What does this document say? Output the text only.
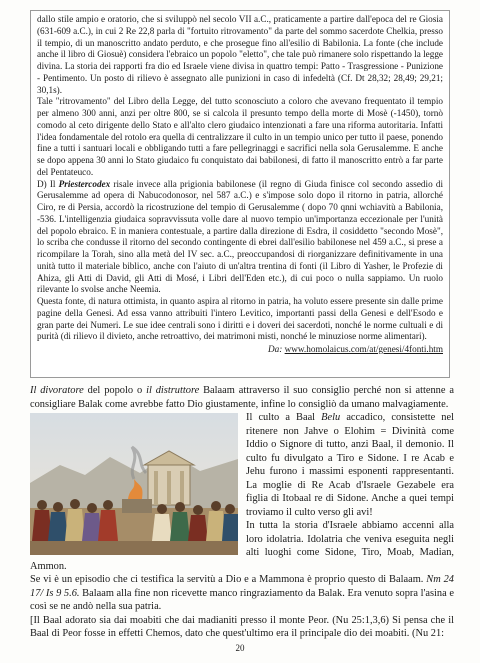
dallo stile ampio e oratorio, che si sviluppò nel secolo VII a.C., praticamente a partire dall'epoca del re Giosia (631-609 a.C.), in cui 2 Re 22,8 parla di "fortuito ritrovamento" da parte del sommo sacerdote Chelkia, presso il tempio, di un manoscritto andato perduto, e che prosegue fino all'esilio di Babilonia. La fonte (che include anche il libro di Giosuè) considera l'ebraico un popolo "eletto", che tale può rimanere solo rispettando la legge divina. La storia dei rapporti fra dio ed Israele viene divisa in quattro tempi: Patto - Trasgressione - Punizione - Pentimento. Un posto di rilievo è assegnato alle punizioni in caso di infedeltà (Cf. Dt 28,32; 28,49; 29,21; 30,1s).

Tale "ritrovamento" del Libro della Legge, del tutto sconosciuto a coloro che avevano frequentato il tempio per almeno 300 anni, anzi per oltre 800, se si calcola il presunto tempo della morte di Mosè (-1450), tornò comodo al ceto dirigente dello Stato e all'alto clero giudaico intenzionati a fare una riforma autoritaria. Infatti l'idea fondamentale del rotolo era quella di centralizzare il culto in un tempio unico per tutto il paese, ponendo fine a tutti i santuari locali e obbligando tutti a fare pellegrinaggi e sacrifici nella sola Gerusalemme. E anche se dopo appena 30 anni lo Stato giudaico fu conquistato dai babilonesi, di fatto il manoscritto entrò a far parte del Pentateuco.

D) Il Priestercodex risale invece alla prigionia babilonese (il regno di Giuda finisce col secondo assedio di Gerusalemme ad opera di Nabucodonosor, nel 587 a.C.) e s'impose solo dopo il ritorno in patria, allorché Ciro, re di Persia, accordò la ricostruzione del tempio di Gerusalemme ( dopo 70 qnni wchiavitù a Babilonia, -536. L'intelligenzia giudaica sopravvissuta volle dare al nuovo tempio un'importanza eccezionale per l'unità del popolo ebraico. E in maniera contestuale, a partire dalla direzione di Esdra, il cosiddetto "secondo Mosè", lo scriba che condusse il ritorno del secondo contingente di ebrei dall'esilio babilonese nel 459 a.C., si prese a ricompilare la Torah, sino alla metà del IV sec. a.C., preoccupandosi di riorganizzare definitivamente in una unità tutto il materiale biblico, anche con l'aiuto di un'altra trentina di fonti (il Libro di Yasher, le Profezie di Ahiza, gli Atti di David, gli Atti di Mosé, i Libri dell'Eden etc.), di cui poco o nulla sappiamo. Un ruolo rilevante lo svolse anche Neemia.

Questa fonte, di natura ottimista, in quanto aspira al ritorno in patria, ha voluto essere presente sin dalle prime pagine della Genesi. Ad essa vanno attribuiti l'intero Levitico, importanti passi della Genesi e dell'Esodo e gran parte dei Numeri. Le sue idee centrali sono i diritti e i doveri dei sacerdoti, nonché le norme cultuali e di purità (di rilievo il divieto, anche retroattivo, dei matrimoni misti, nonché le minuziose norme alimentari).

Da: www.homolaicus.com/at/genesi/4fonti.htm

Il divoratore del popolo o il distruttore Balaam attraverso il suo consiglio perché non si attenne a consigliare Balak come avrebbe fatto Dio giustamente, infine lo consigliò da umano malvagiamente.

Il culto a Baal Belu accadico, consistette nel ritenere non Jahve o Elohim = Divinità come Iddio o Signore di tutto, anzi Baal, il demonio. Il culto fu divulgato a Tiro e Sidone. I re Acab e Jehu furono i massimi esponenti rappresentanti. La moglie di Re Acab d'Israele Gezabele era figlia di Itobaal re di Sidone. Anche a quei tempi troviamo il culto verso gli avi!

In tutta la storia d'Israele abbiamo accenni alla loro idolatria. Idolatria che veniva eseguita negli alti luoghi come Sidone, Tiro, Moab, Madian, Ammon.

Se vi è un episodio che ci testifica la servitù a Dio e a Mammona è proprio questo di Balaam. Nm 24 17/ Is 9 5.6. Balaam alla fine non ricevette manco ringraziamento da Balak. Era venuto sopra l'asina e così se ne andò nella sua patria.

[Il Baal adorato sia dai moabiti che dai madianiti presso il monte Peor. (Nu 25:1,3,6) Si pensa che il Baal di Peor fosse in effetti Chemos, dato che quest'ultimo era il principale dio dei moabiti. (Nu 21:

20
